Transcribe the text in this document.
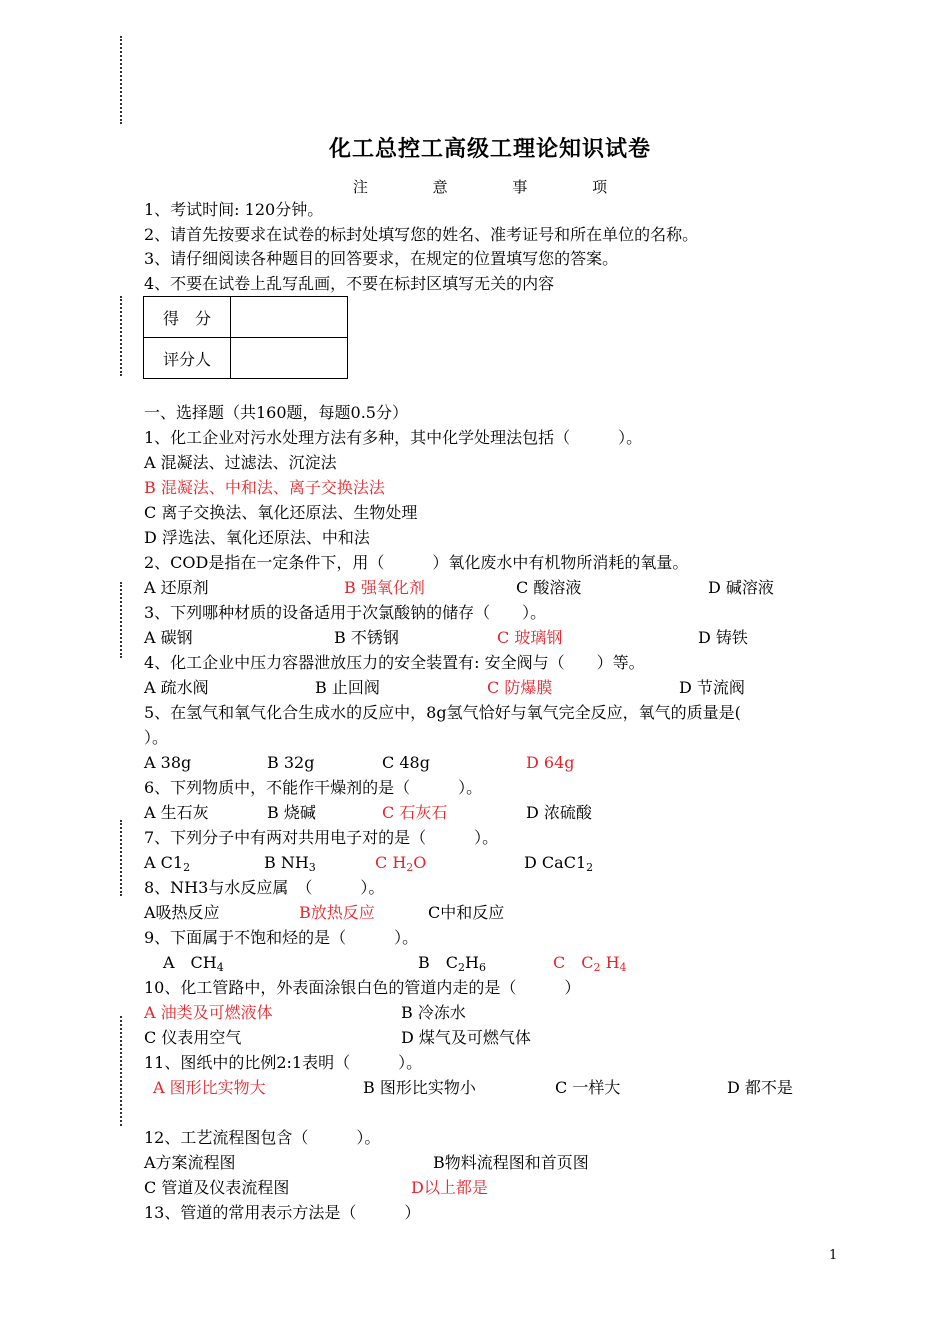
化工总控工高级工理论知识试卷
注 意 事 项
1、考试时间: 120分钟。
2、请首先按要求在试卷的标封处填写您的姓名、准考证号和所在单位的名称。
3、请仔细阅读各种题目的回答要求，在规定的位置填写您的答案。
4、不要在试卷上乱写乱画，不要在标封区填写无关的内容
得　分	
评分人	
一、选择题（共160题，每题0.5分）
1、化工企业对污水处理方法有多种，其中化学处理法包括（　　　）。
A 混凝法、过滤法、沉淀法
B 混凝法、中和法、离子交换法法
C 离子交换法、氧化还原法、生物处理
D 浮选法、氧化还原法、中和法
2、COD是指在一定条件下，用（　　　）氧化废水中有机物所消耗的氧量。
A 还原剂	B 强氧化剂	C 酸溶液	D 碱溶液
3、下列哪种材质的设备适用于次氯酸钠的储存（　　）。
A 碳钢	B 不锈钢	C 玻璃钢	D 铸铁
4、化工企业中压力容器泄放压力的安全装置有: 安全阀与（　　）等。
A 疏水阀	B 止回阀	C 防爆膜	D 节流阀
5、在氢气和氧气化合生成水的反应中，8g氢气恰好与氧气完全反应，氧气的质量是(
）。
A 38g	B 32g	C 48g	D 64g
6、下列物质中，不能作干燥剂的是（　　　）。
A 生石灰	B 烧碱	C 石灰石	D 浓硫酸
7、下列分子中有两对共用电子对的是（　　　）。
A $C1_2$	B $NH_3$	C $H_2O$	D $CaC1_2$
8、NH3与水反应属　（　　　）。
A吸热反应	B放热反应	C中和反应
9、下面属于不饱和烃的是（　　　）。
A　$CH_4$	B　$C_2H_6$	C　$C_2$ $H_4$
10、化工管路中，外表面涂银白色的管道内走的是（　　　）
A 油类及可燃液体	B 冷冻水
C 仪表用空气	D 煤气及可燃气体
11、图纸中的比例2:1表明（　　　）。
A 图形比实物大	B 图形比实物小	C 一样大	D 都不是
12、工艺流程图包含（　　　）。
A方案流程图	B物料流程图和首页图
C 管道及仪表流程图	D以上都是
13、管道的常用表示方法是（　　　）
1
